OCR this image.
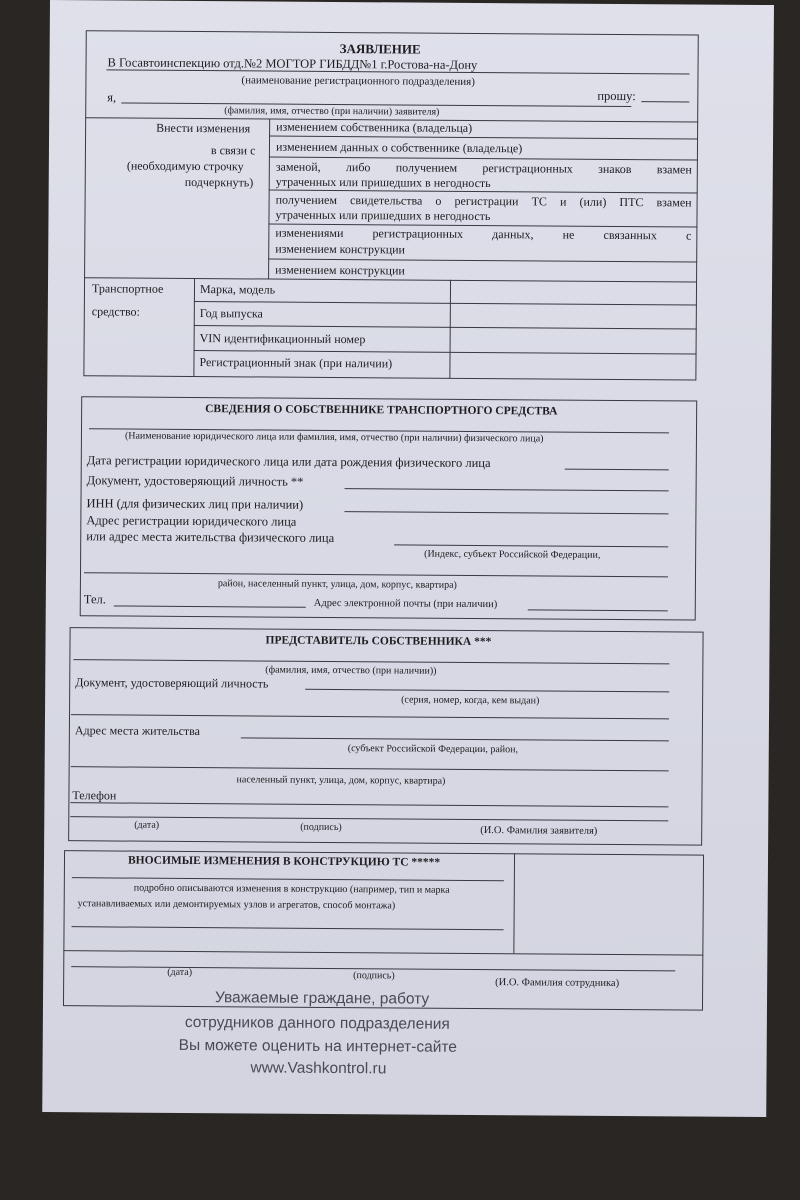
ЗАЯВЛЕНИЕ
В Госавтоинспекцию отд.№2 МОГТОР ГИБДД№1 г.Ростова-на-Дону
(наименование регистрационного подразделения)
я,	прошу:
(фамилия, имя, отчество (при наличии) заявителя)
Внести изменения
в связи с
(необходимую строчку
подчеркнуть)
изменением собственника (владельца)
изменением данных о собственнике (владельце)
заменой, либо получением регистрационных знаков взамен
утраченных или пришедших в негодность
получением свидетельства о регистрации ТС и (или) ПТС взамен
утраченных или пришедших в негодность
изменениями регистрационных данных, не связанных с
изменением конструкции
изменением конструкции
Транспортное
средство:
Марка, модель
Год выпуска
VIN идентификационный номер
Регистрационный знак (при наличии)
СВЕДЕНИЯ О СОБСТВЕННИКЕ ТРАНСПОРТНОГО СРЕДСТВА
(Наименование юридического лица или фамилия, имя, отчество (при наличии) физического лица)
Дата регистрации юридического лица или дата рождения физического лица
Документ, удостоверяющий личность **
ИНН (для физических лиц при наличии)
Адрес регистрации юридического лица
или адрес места жительства физического лица
(Индекс, субъект Российской Федерации,
район, населенный пункт, улица, дом, корпус, квартира)
Тел.	Адрес электронной почты (при наличии)
ПРЕДСТАВИТЕЛЬ СОБСТВЕННИКА ***
(фамилия, имя, отчество (при наличии))
Документ, удостоверяющий личность
(серия, номер, когда, кем выдан)
Адрес места жительства
(субъект Российской Федерации, район,
населенный пункт, улица, дом, корпус, квартира)
Телефон
(дата)	(подпись)	(И.О. Фамилия заявителя)
ВНОСИМЫЕ ИЗМЕНЕНИЯ В КОНСТРУКЦИЮ ТС *****
подробно описываются изменения в конструкцию (например, тип и марка
устанавливаемых или демонтируемых узлов и агрегатов, способ монтажа)
(дата)	(подпись)
(И.О. Фамилия сотрудника)
Уважаемые граждане, работу
сотрудников данного подразделения
Вы можете оценить на интернет-сайте
www.Vashkontrol.ru
